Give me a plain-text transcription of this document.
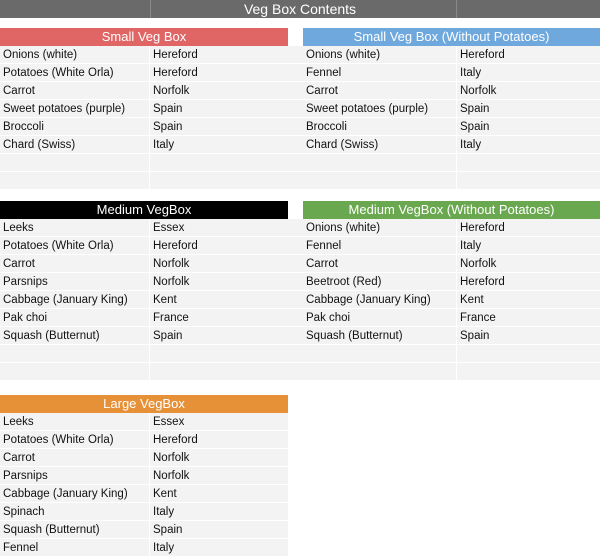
Veg Box Contents
Small Veg Box
Onions (white)	Hereford
Potatoes (White Orla)	Hereford
Carrot	Norfolk
Sweet potatoes (purple)	Spain
Broccoli	Spain
Chard (Swiss)	Italy
Small Veg Box (Without Potatoes)
Onions (white)	Hereford
Fennel	Italy
Carrot	Norfolk
Sweet potatoes (purple)	Spain
Broccoli	Spain
Chard (Swiss)	Italy
Medium VegBox
Leeks	Essex
Potatoes (White Orla)	Hereford
Carrot	Norfolk
Parsnips	Norfolk
Cabbage (January King)	Kent
Pak choi	France
Squash (Butternut)	Spain
Medium VegBox (Without Potatoes)
Onions (white)	Hereford
Fennel	Italy
Carrot	Norfolk
Beetroot (Red)	Hereford
Cabbage (January King)	Kent
Pak choi	France
Squash (Butternut)	Spain
Large VegBox
Leeks	Essex
Potatoes (White Orla)	Hereford
Carrot	Norfolk
Parsnips	Norfolk
Cabbage (January King)	Kent
Spinach	Italy
Squash (Butternut)	Spain
Fennel	Italy
